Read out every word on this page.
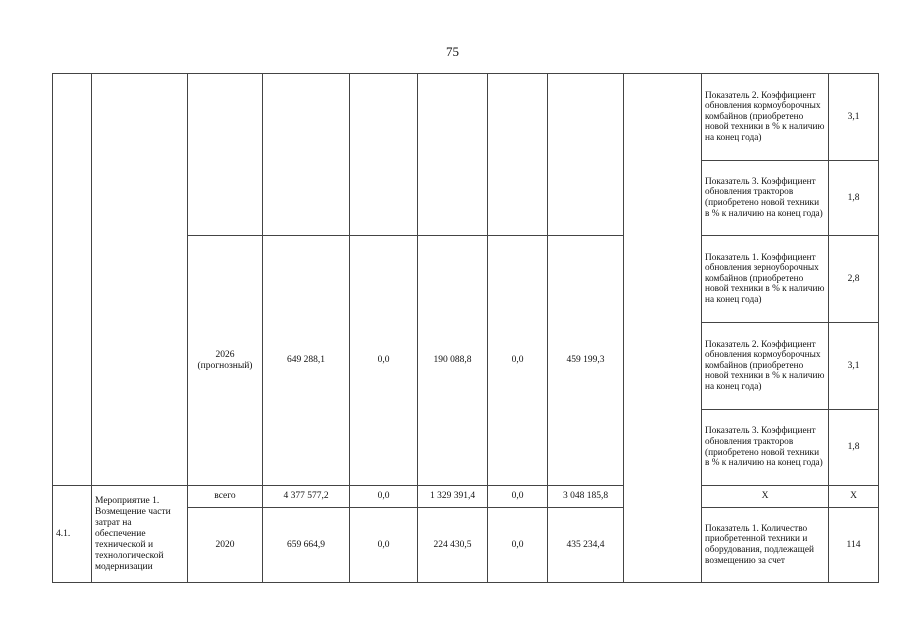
75
									Показатель 2. Коэффициент обновления кормоуборочных комбайнов (приобретено новой техники в % к наличию на конец года)	3,1
									Показатель 3. Коэффициент обновления тракторов (приобретено новой техники в % к наличию на конец года)	1,8
		2026 (прогнозный)	649 288,1	0,0	190 088,8	0,0	459 199,3		Показатель 1. Коэффициент обновления зерноуборочных комбайнов (приобретено новой техники в % к наличию на конец года)	2,8
									Показатель 2. Коэффициент обновления кормоуборочных комбайнов (приобретено новой техники в % к наличию на конец года)	3,1
									Показатель 3. Коэффициент обновления тракторов (приобретено новой техники в % к наличию на конец года)	1,8
4.1.	Мероприятие 1. Возмещение части затрат на обеспечение технической и технологической модернизации	всего	4 377 577,2	0,0	1 329 391,4	0,0	3 048 185,8		X	X
		2020	659 664,9	0,0	224 430,5	0,0	435 234,4		Показатель 1. Количество приобретенной техники и оборудования, подлежащей возмещению за счет	114
